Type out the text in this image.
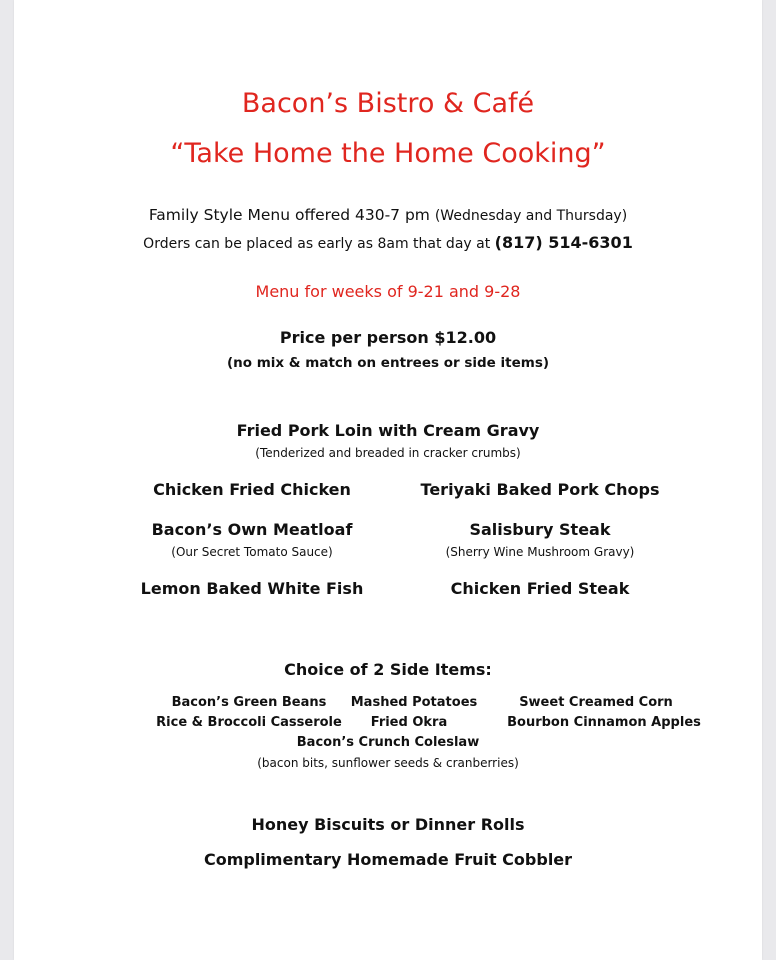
Bacon’s Bistro & Café
“Take Home the Home Cooking”
Family Style Menu offered 430-7 pm (Wednesday and Thursday)
Orders can be placed as early as 8am that day at (817) 514-6301
Menu for weeks of 9-21 and 9-28
Price per person $12.00
(no mix & match on entrees or side items)
Fried Pork Loin with Cream Gravy
(Tenderized and breaded in cracker crumbs)
Chicken Fried Chicken
Bacon’s Own Meatloaf
(Our Secret Tomato Sauce)
Lemon Baked White Fish
Teriyaki Baked Pork Chops
Salisbury Steak
(Sherry Wine Mushroom Gravy)
Chicken Fried Steak
Choice of 2 Side Items:
Bacon’s Green Beans	Mashed Potatoes	Sweet Creamed Corn
Rice & Broccoli Casserole	Fried Okra	Bourbon Cinnamon Apples
Bacon’s Crunch Coleslaw
(bacon bits, sunflower seeds & cranberries)
Honey Biscuits or Dinner Rolls
Complimentary Homemade Fruit Cobbler
